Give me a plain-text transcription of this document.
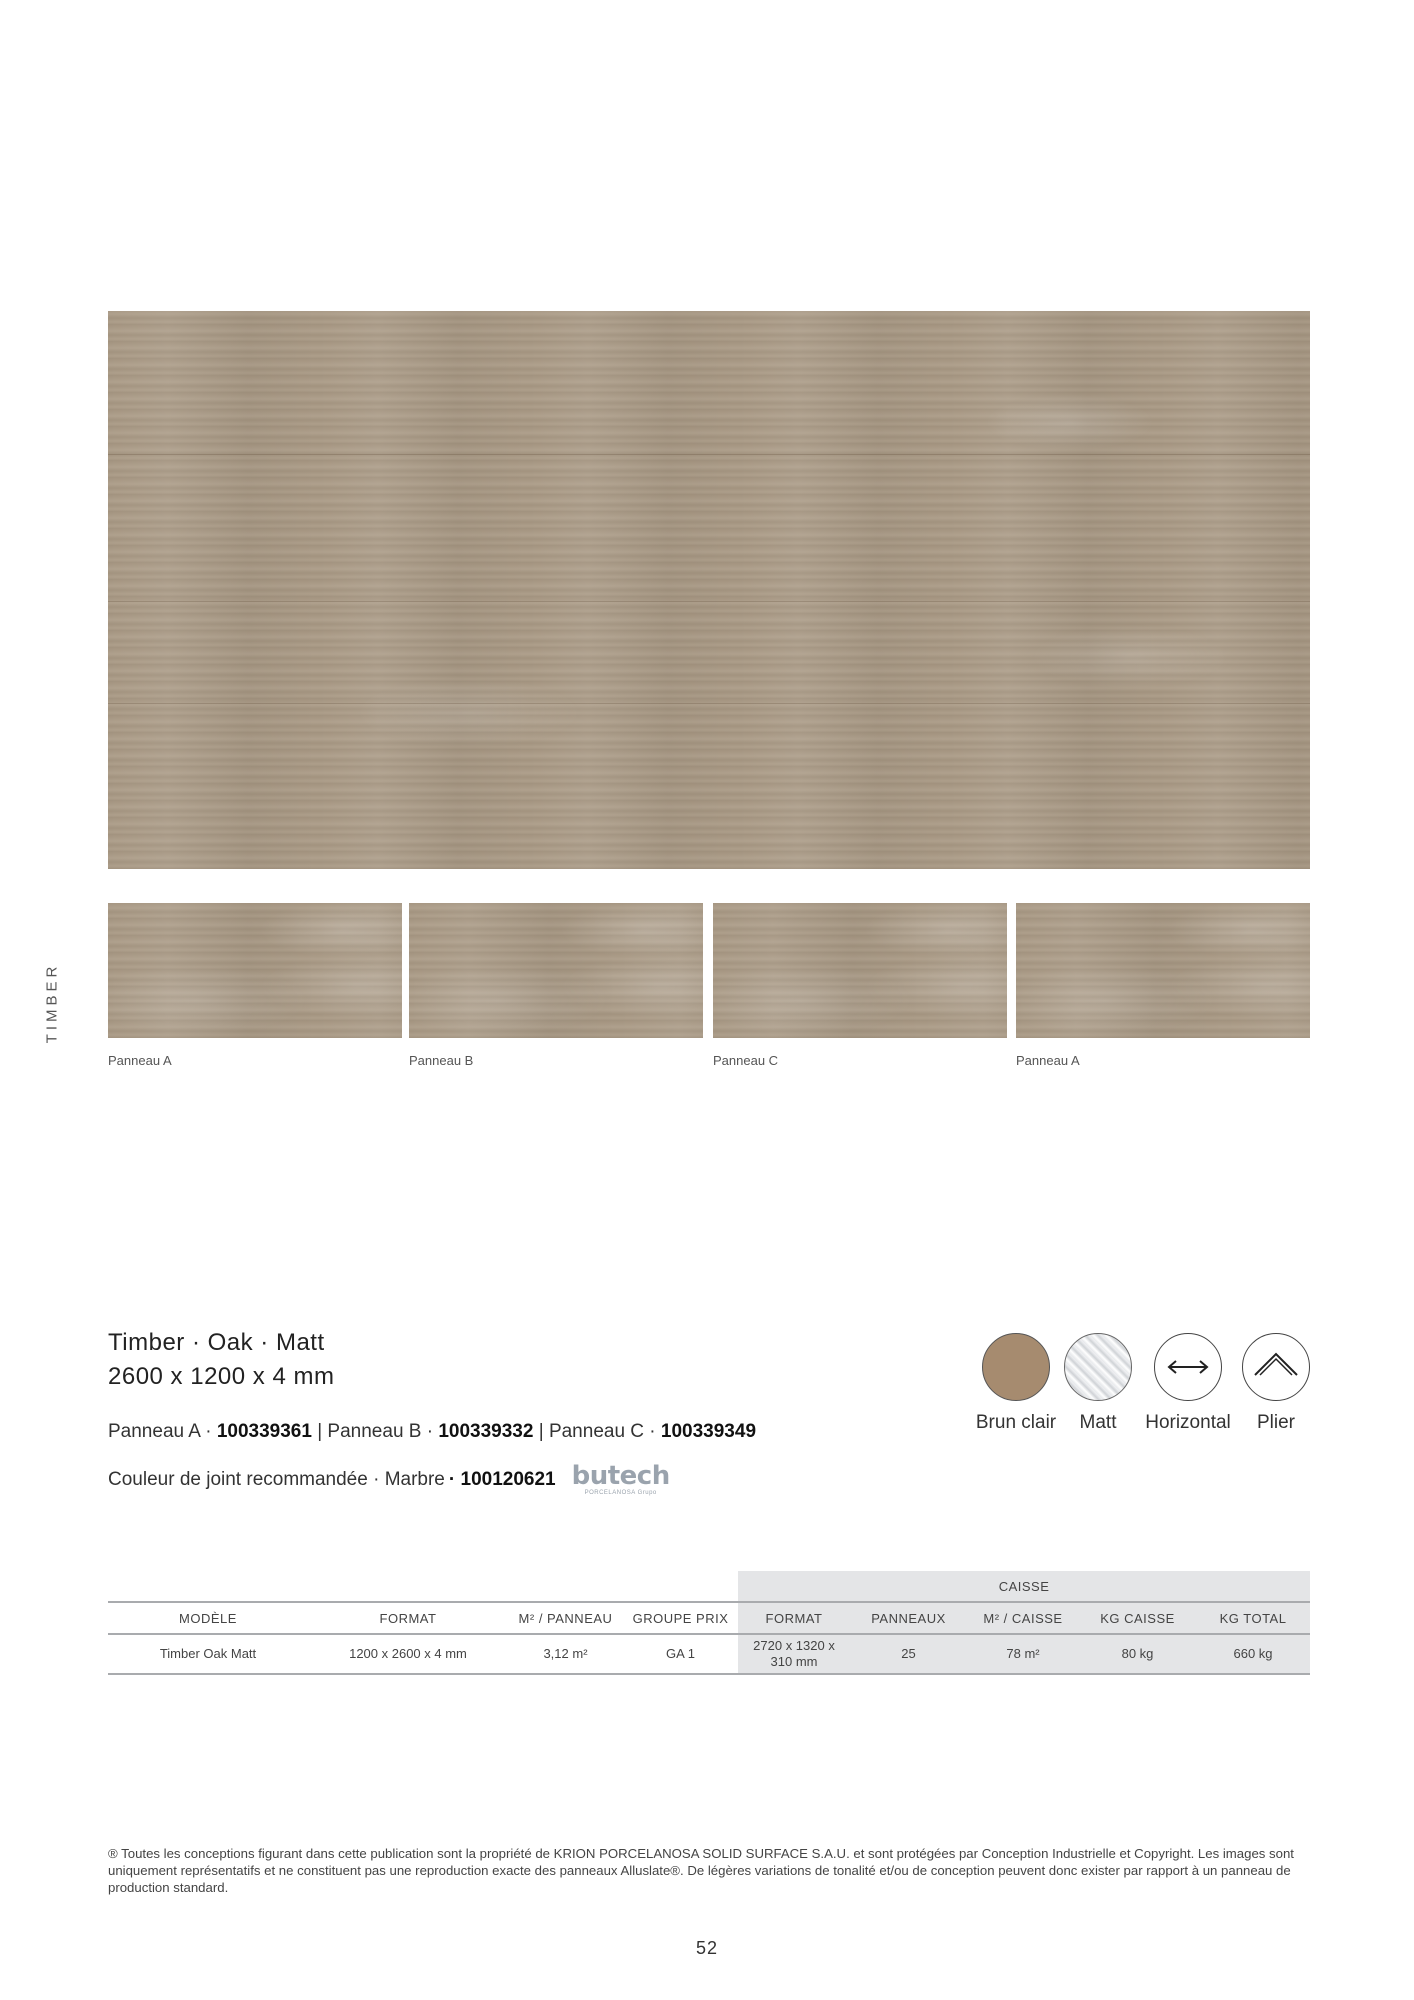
TIMBER
Panneau A	Panneau B	Panneau C	Panneau A
Timber · Oak · Matt
2600 x 1200 x 4 mm
Panneau A · 100339361 | Panneau B · 100339332 | Panneau C · 100339349
Couleur de joint recommandée · Marbre · 100120621 butech
PORCELANOSA Grupo
Brun clair	Matt	Horizontal	Plier
				CAISSE				
MODÈLE	FORMAT	M² / PANNEAU	GROUPE PRIX	FORMAT	PANNEAUX	M² / CAISSE	KG CAISSE	KG TOTAL
Timber Oak Matt	1200 x 2600 x 4 mm	3,12 m²	GA 1	2720 x 1320 x 310 mm	25	78 m²	80 kg	660 kg
® Toutes les conceptions figurant dans cette publication sont la propriété de KRION PORCELANOSA SOLID SURFACE S.A.U. et sont protégées par Conception Industrielle et Copyright. Les images sont uniquement représentatifs et ne constituent pas une reproduction exacte des panneaux Alluslate®. De légères variations de tonalité et/ou de conception peuvent donc exister par rapport à un panneau de production standard.
52
